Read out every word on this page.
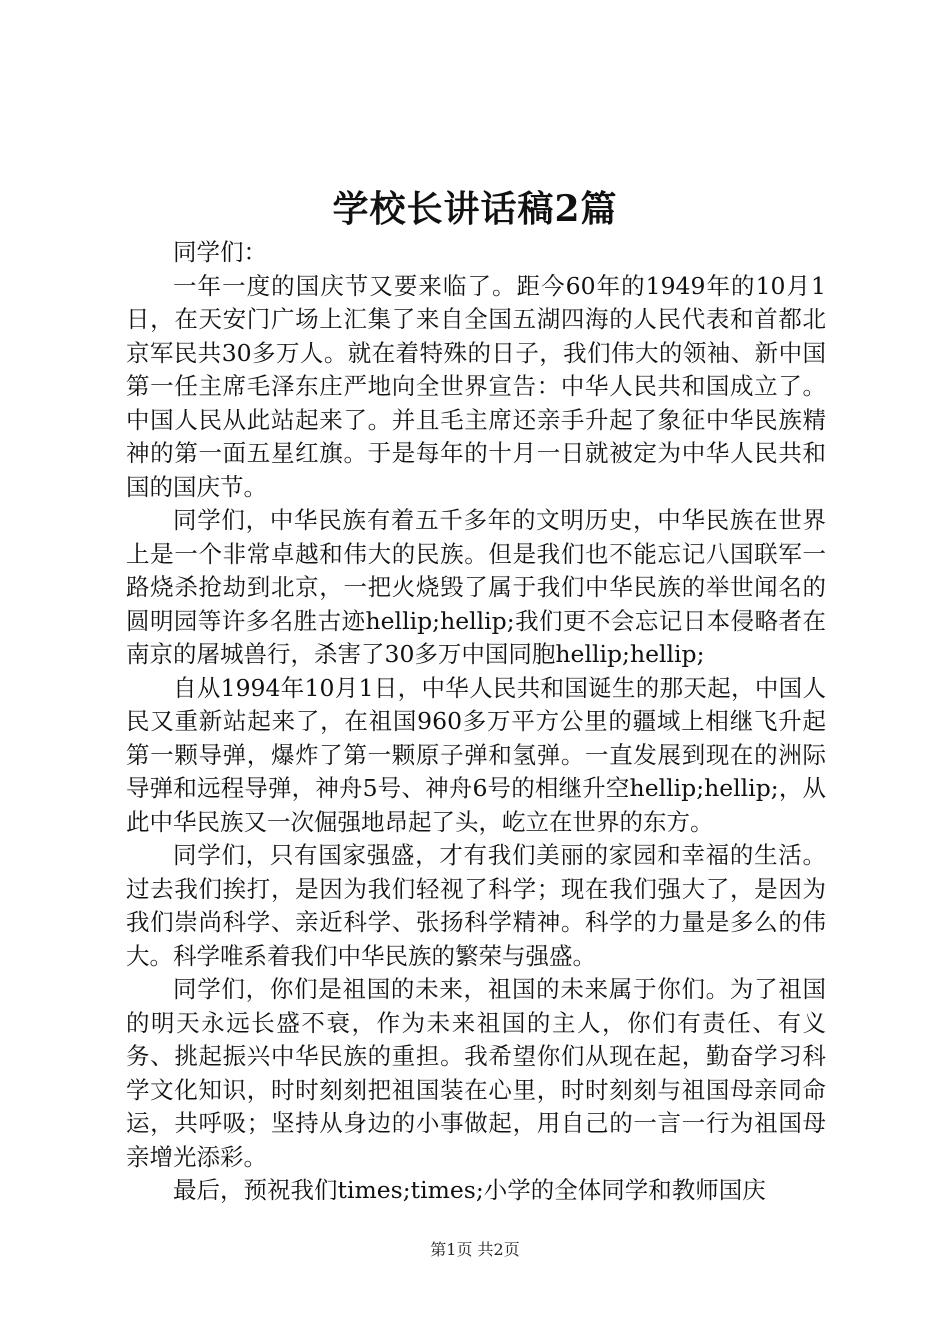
学校长讲话稿2篇

同学们：

一年一度的国庆节又要来临了。距今60年的1949年的10月1日，在天安门广场上汇集了来自全国五湖四海的人民代表和首都北京军民共30多万人。就在着特殊的日子，我们伟大的领袖、新中国第一任主席毛泽东庄严地向全世界宣告：中华人民共和国成立了。中国人民从此站起来了。并且毛主席还亲手升起了象征中华民族精神的第一面五星红旗。于是每年的十月一日就被定为中华人民共和国的国庆节。

同学们，中华民族有着五千多年的文明历史，中华民族在世界上是一个非常卓越和伟大的民族。但是我们也不能忘记八国联军一路烧杀抢劫到北京，一把火烧毁了属于我们中华民族的举世闻名的圆明园等许多名胜古迹hellip;hellip;我们更不会忘记日本侵略者在南京的屠城兽行，杀害了30多万中国同胞hellip;hellip;

自从1994年10月1日，中华人民共和国诞生的那天起，中国人民又重新站起来了，在祖国960多万平方公里的疆域上相继飞升起第一颗导弹，爆炸了第一颗原子弹和氢弹。一直发展到现在的洲际导弹和远程导弹，神舟5号、神舟6号的相继升空hellip;hellip;，从此中华民族又一次倔强地昂起了头，屹立在世界的东方。

同学们，只有国家强盛，才有我们美丽的家园和幸福的生活。过去我们挨打，是因为我们轻视了科学；现在我们强大了，是因为我们崇尚科学、亲近科学、张扬科学精神。科学的力量是多么的伟大。科学唯系着我们中华民族的繁荣与强盛。

同学们，你们是祖国的未来，祖国的未来属于你们。为了祖国的明天永远长盛不衰，作为未来祖国的主人，你们有责任、有义务、挑起振兴中华民族的重担。我希望你们从现在起，勤奋学习科学文化知识，时时刻刻把祖国装在心里，时时刻刻与祖国母亲同命运，共呼吸；坚持从身边的小事做起，用自己的一言一行为祖国母亲增光添彩。

最后，预祝我们times;times;小学的全体同学和教师国庆

第1页 共2页
